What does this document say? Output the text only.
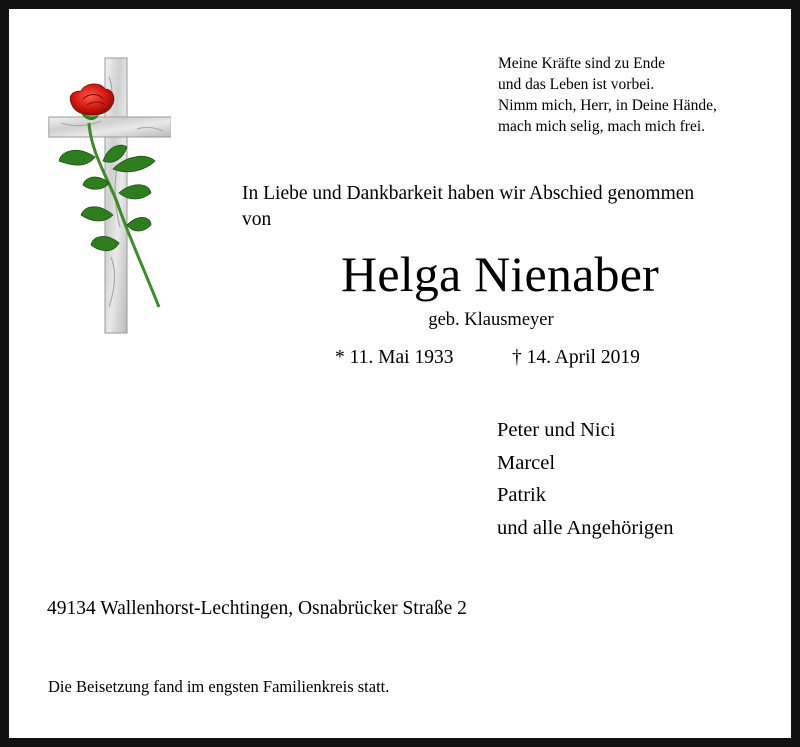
Meine Kräfte sind zu Ende
und das Leben ist vorbei.
Nimm mich, Herr, in Deine Hände,
mach mich selig, mach mich frei.
In Liebe und Dankbarkeit haben wir Abschied genommen
von
Helga Nienaber
geb. Klausmeyer
* 11. Mai 1933	† 14. April 2019
Peter und Nici
Marcel
Patrik
und alle Angehörigen
49134 Wallenhorst-Lechtingen, Osnabrücker Straße 2
Die Beisetzung fand im engsten Familienkreis statt.
